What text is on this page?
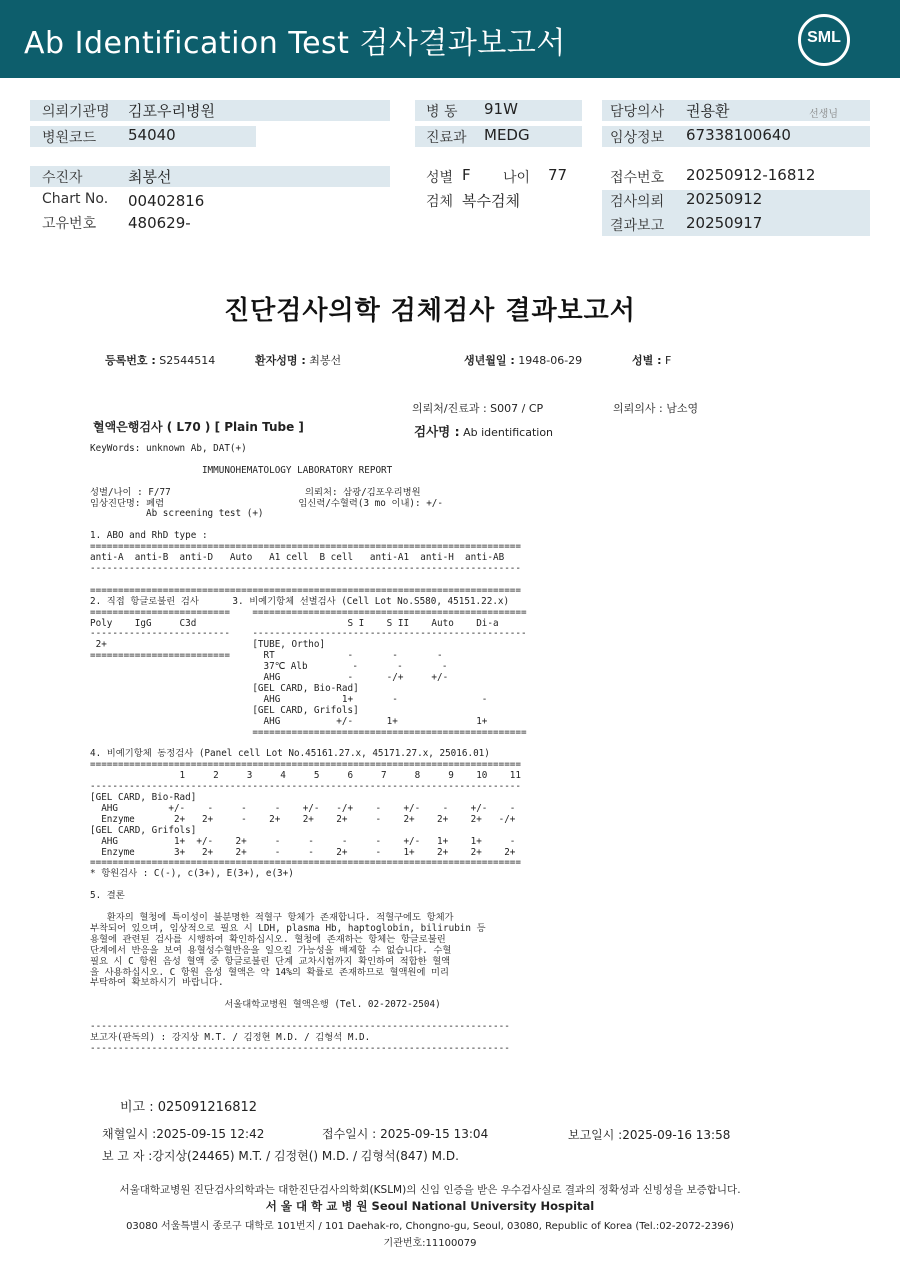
Ab Identification Test 검사결과보고서	SML
의뢰기관명 김포우리병원
병원코드 54040
수진자	최봉선
Chart No. 00402816
고유번호 480629-
병 동 91W
진료과 MEDG
성별 F 나이 77
검체 복수검체
담당의사 권용환	선생님
임상정보 67338100640
접수번호 20250912-16812
검사의뢰 20250912
결과보고 20250917
진단검사의학 검체검사 결과보고서
등록번호 : S2544514	환자성명 : 최봉선	생년월일 : 1948-06-29	성별 : F
의뢰처/진료과 : S007 / CP	의뢰의사 : 남소영
혈액은행검사 ( L70 ) [ Plain Tube ]	검사명 : Ab identification
KeyWords: unknown Ab, DAT(+)

IMMUNOHEMATOLOGY LABORATORY REPORT

성별/나이 : F/77                        의뢰처: 삼광/김포우리병원
임상진단명: 폐렴                        임신력/수혈력(3 mo 이내): +/-
Ab screening test (+)

1. ABO and RhD type :
=============================================================================
anti-A  anti-B  anti-D   Auto   A1 cell  B cell   anti-A1  anti-H  anti-AB
-----------------------------------------------------------------------------

=============================================================================
2. 직접 항글로불린 검사      3. 비예기항체 선별검사 (Cell Lot No.S580, 45151.22.x)
=========================    =================================================
Poly    IgG     C3d                           S I    S II    Auto    Di-a
-------------------------    -------------------------------------------------
2+                          [TUBE, Ortho]
=========================      RT             -       -       -
37℃ Alb        -       -       -
AHG            -      -/+     +/-
[GEL CARD, Bio-Rad]
AHG           1+       -               -
[GEL CARD, Grifols]
AHG          +/-      1+              1+
=================================================

4. 비예기항체 동정검사 (Panel cell Lot No.45161.27.x, 45171.27.x, 25016.01)
=============================================================================
1     2     3     4     5     6     7     8     9    10    11
-----------------------------------------------------------------------------
[GEL CARD, Bio-Rad]
AHG         +/-    -     -     -    +/-   -/+    -    +/-    -    +/-    -
Enzyme       2+   2+     -    2+    2+    2+     -    2+    2+    2+   -/+
[GEL CARD, Grifols]
AHG          1+  +/-    2+     -     -     -     -    +/-   1+    1+     -
Enzyme       3+   2+    2+     -     -    2+     -    1+    2+    2+    2+
=============================================================================
* 항원검사 : C(-), c(3+), E(3+), e(3+)

5. 결론

환자의 혈청에 특이성이 불분명한 적혈구 항체가 존재합니다. 적혈구에도 항체가
부착되어 있으며, 임상적으로 필요 시 LDH, plasma Hb, haptoglobin, bilirubin 등
용혈에 관련된 검사를 시행하여 확인하십시오. 혈청에 존재하는 항체는 항글로불린
단계에서 반응을 보여 용혈성수혈반응을 일으킬 가능성을 배제할 수 없습니다. 수혈
필요 시 C 항원 음성 혈액 중 항글로불린 단계 교차시험까지 확인하여 적합한 혈액
을 사용하십시오. C 항원 음성 혈액은 약 14%의 확률로 존재하므로 혈액원에 미리
부탁하여 확보하시기 바랍니다.

서울대학교병원 혈액은행 (Tel. 02-2072-2504)

---------------------------------------------------------------------------
보고자(판독의) : 강지상 M.T. / 김정현 M.D. / 김형석 M.D.
---------------------------------------------------------------------------
비고 : 025091216812
채혈일시 :2025-09-15 12:42	접수일시 : 2025-09-15 13:04	보고일시 :2025-09-16 13:58
보 고 자 :강지상(24465) M.T. / 김정현() M.D. / 김형석(847) M.D.
서울대학교병원 진단검사의학과는 대한진단검사의학회(KSLM)의 신임 인증을 받은 우수검사실로 결과의 정확성과 신빙성을 보증합니다.
서 울 대 학 교 병 원 Seoul National University Hospital
03080 서울특별시 종로구 대학로 101번지 / 101 Daehak-ro, Chongno-gu, Seoul, 03080, Republic of Korea (Tel.:02-2072-2396)
기관번호:11100079
